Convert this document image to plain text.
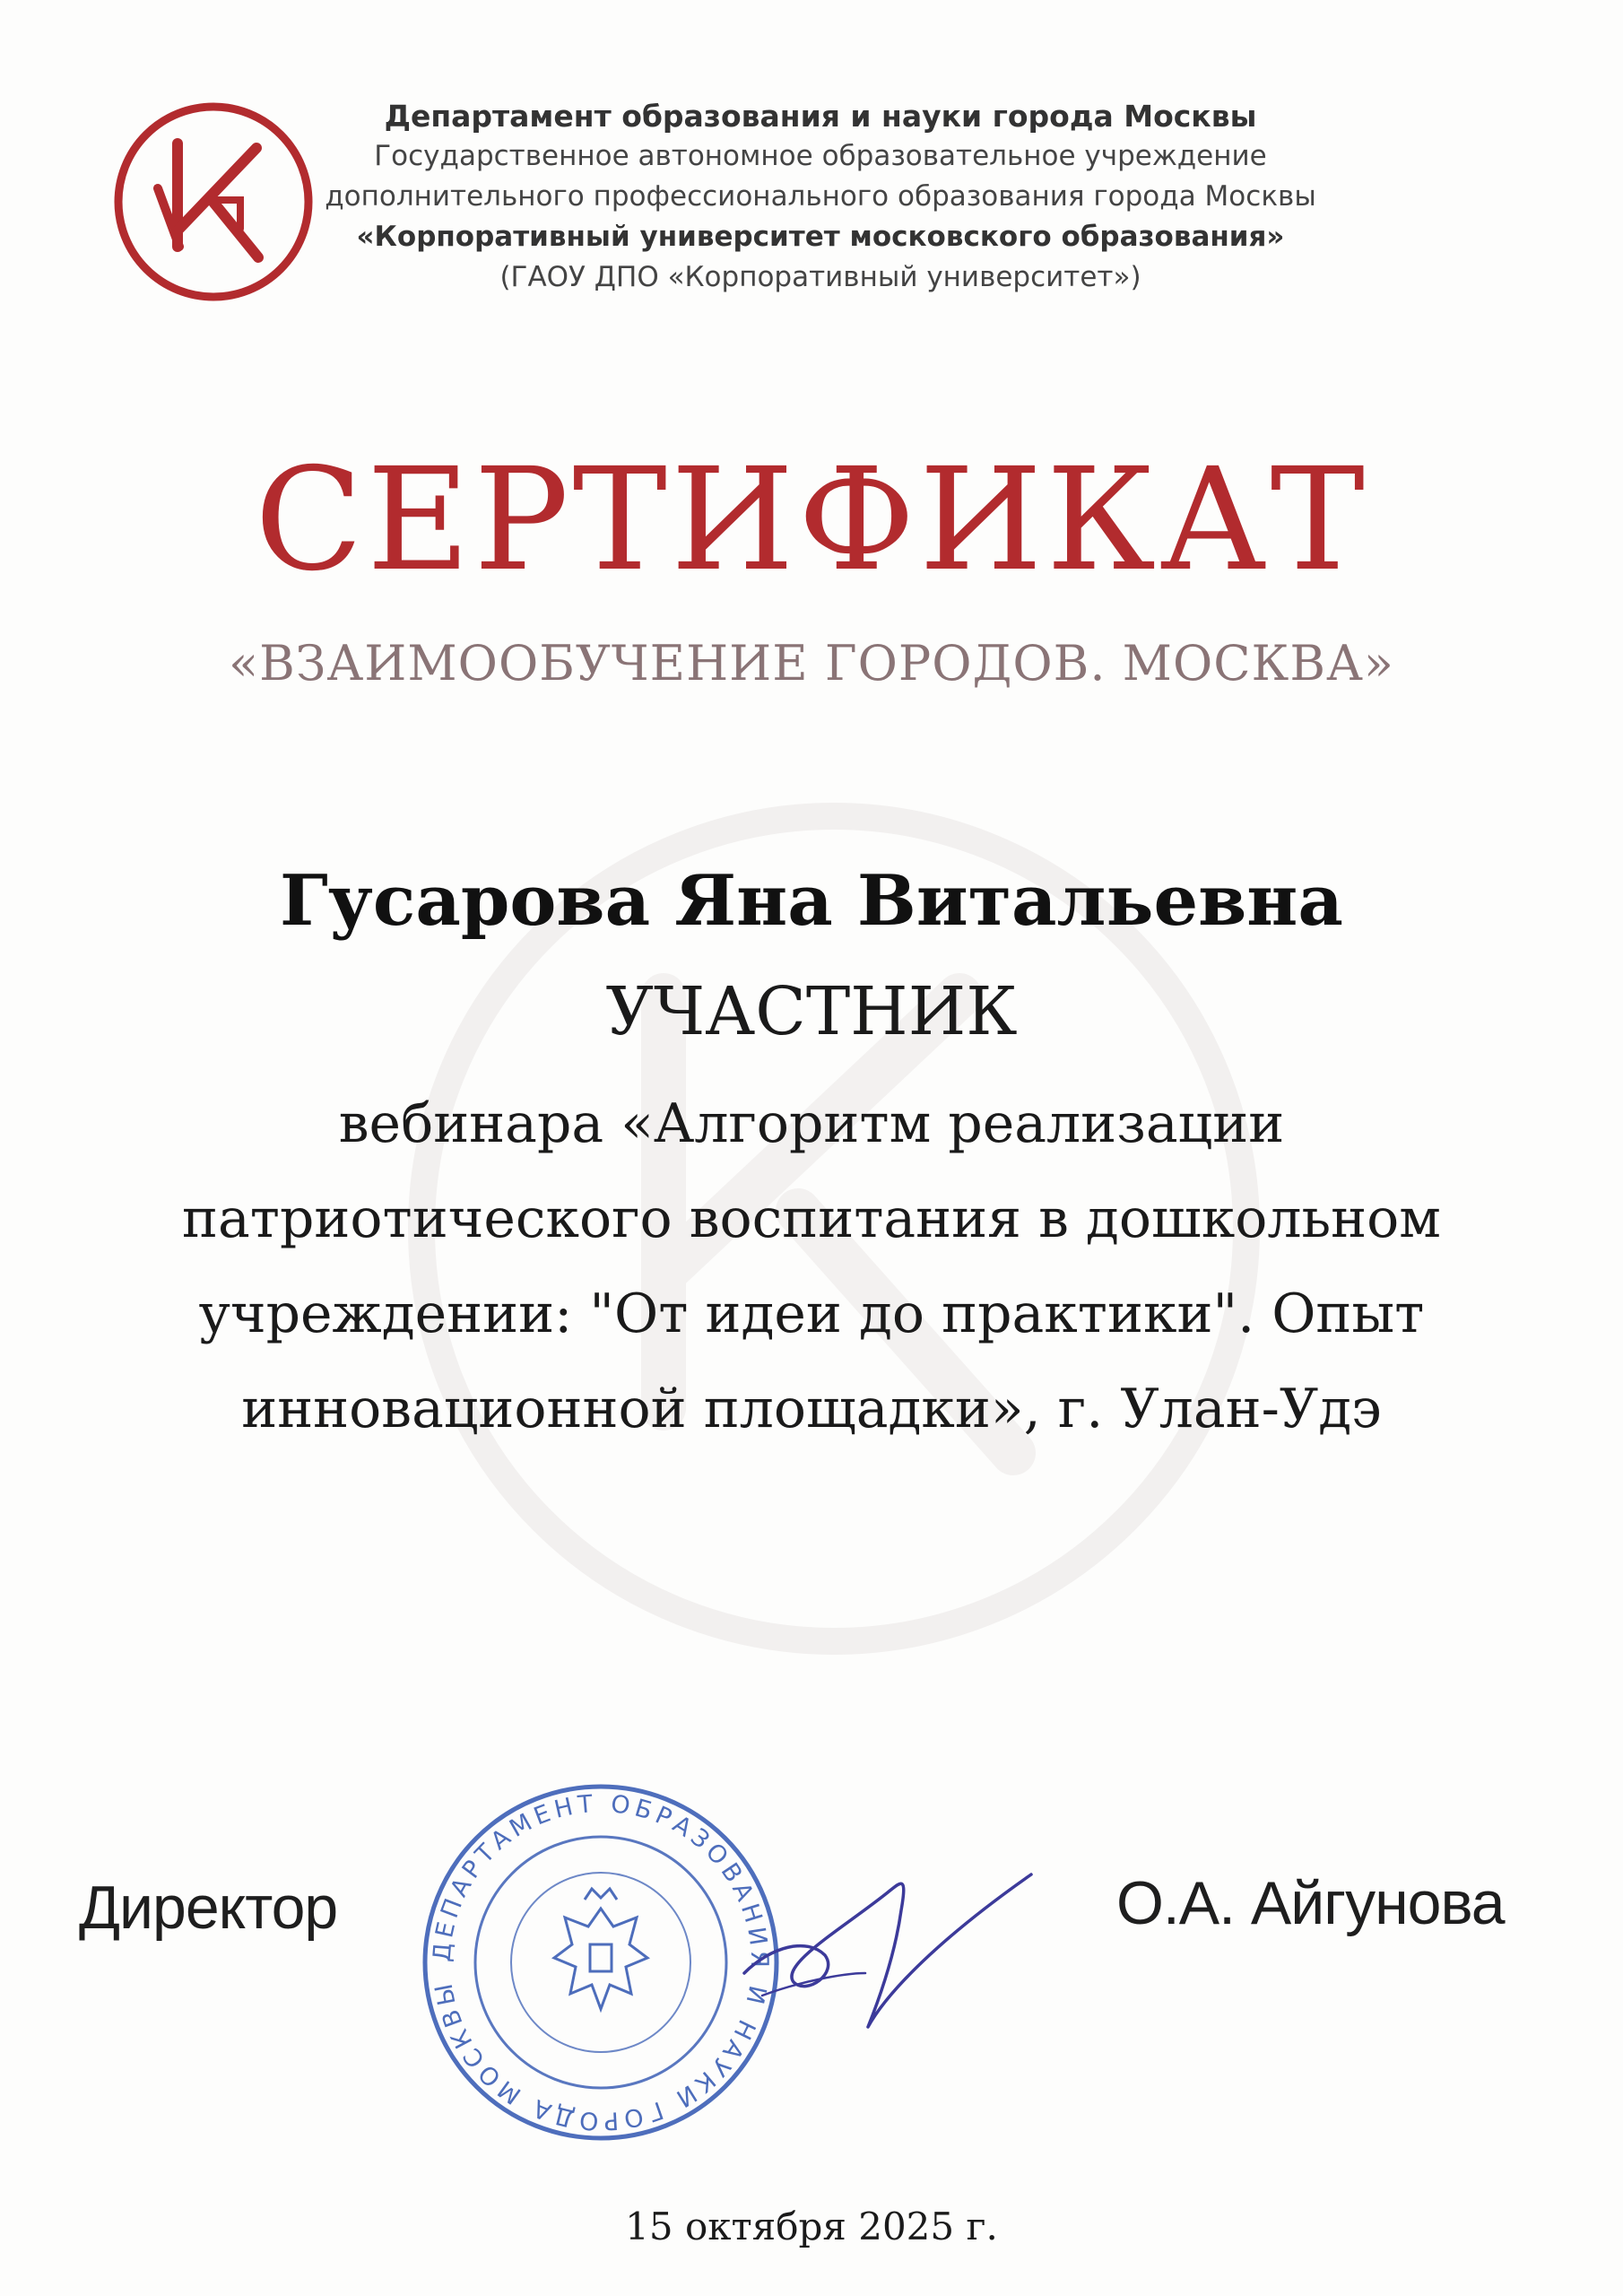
Департамент образования и науки города Москвы
Государственное автономное образовательное учреждение
дополнительного профессионального образования города Москвы
«Корпоративный университет московского образования»
(ГАОУ ДПО «Корпоративный университет»)
СЕРТИФИКАТ
«ВЗАИМООБУЧЕНИЕ ГОРОДОВ. МОСКВА»
Гусарова Яна Витальевна
УЧАСТНИК
вебинара «Алгоритм реализации
патриотического воспитания в дошкольном
учреждении: "От идеи до практики". Опыт
инновационной площадки», г. Улан-Удэ
Директор
ДЕПАРТАМЕНТ ОБРАЗОВАНИЯ И НАУКИ ГОРОДА МОСКВЫ
О.А. Айгунова
15 октября 2025 г.
